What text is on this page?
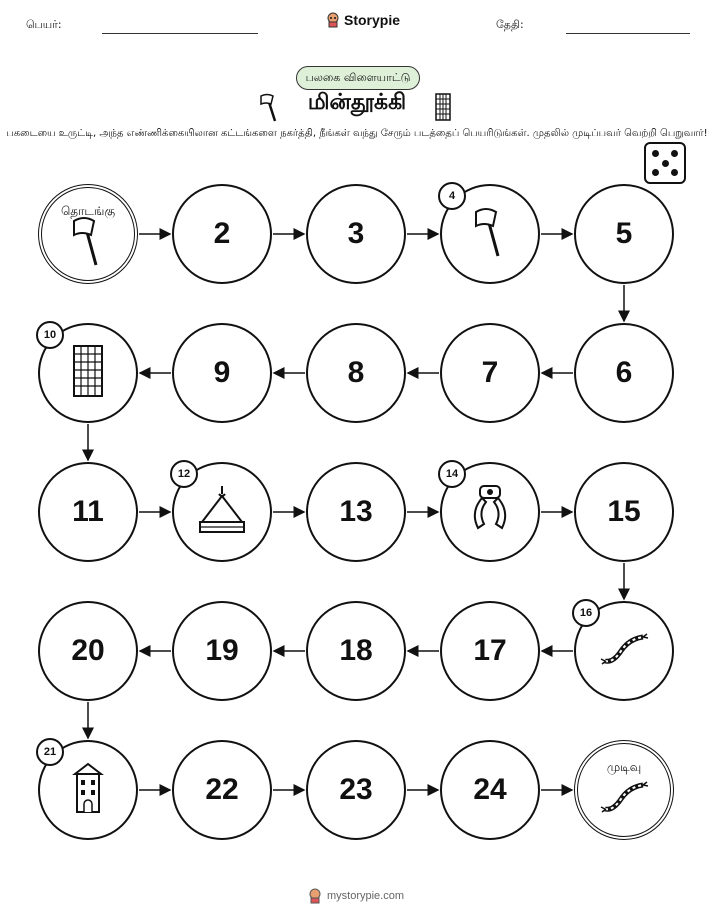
பெயர்:	Storypie	தேதி:
பலகை விளையாட்டு
மின்தூக்கி
பகடையை உருட்டி, அந்த எண்ணிக்கையிலான கட்டங்களை நகர்த்தி, நீங்கள் வந்து சேரும் படத்தைப் பெயரிடுங்கள். முதலில் முடிப்பவர் வெற்றி பெறுவார்!
தொடங்கு
2	3
4
5
6
7
8
9
10
11
12
13
14
15
16
17
18
19
20
21
22	23	24
முடிவு
mystorypie.com
